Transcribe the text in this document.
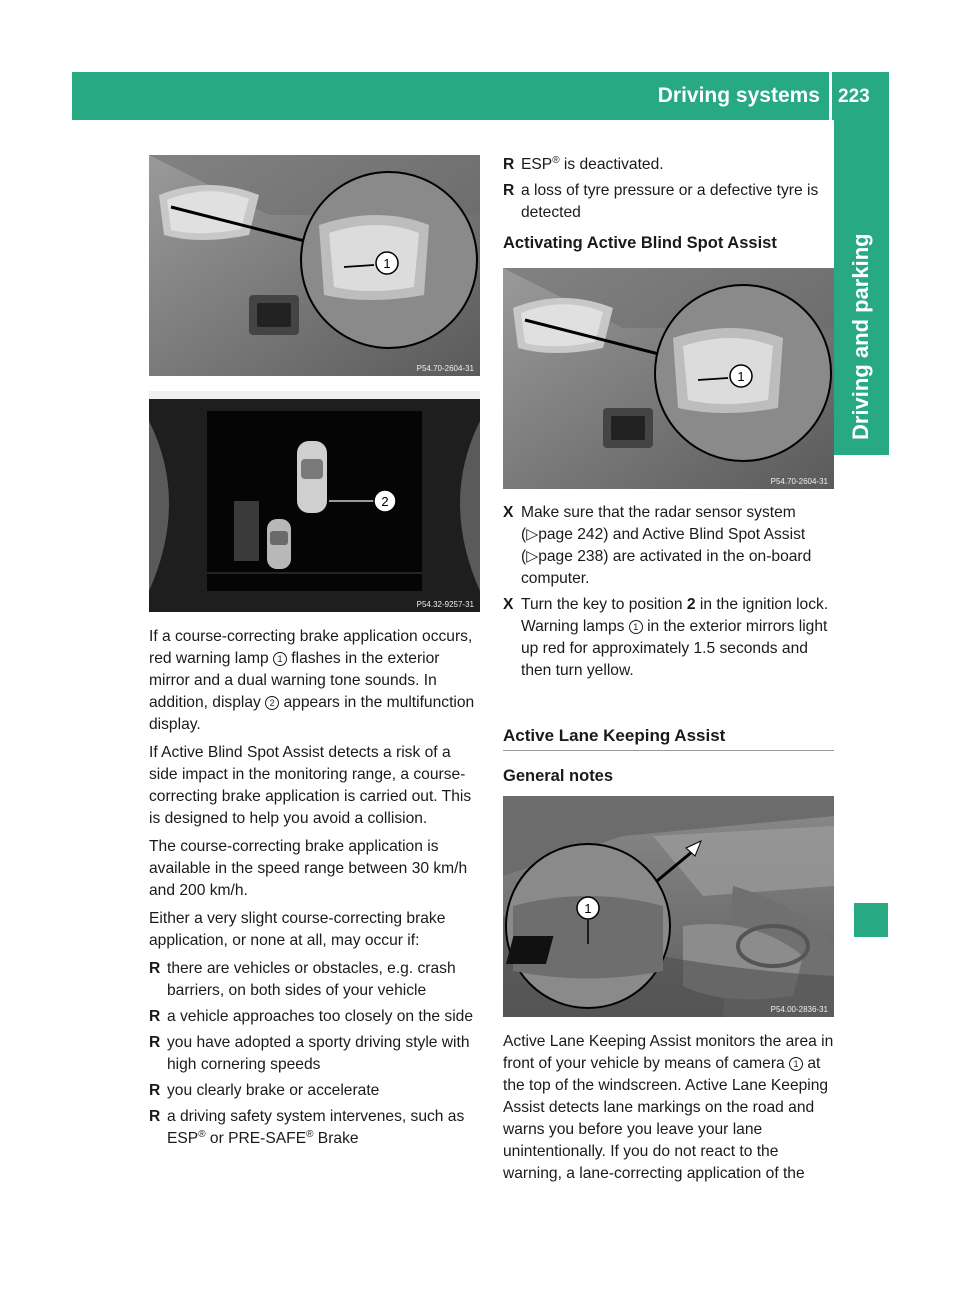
Driving systems 223
Driving and parking
1
P54.70-2604-31
2
P54.32-9257-31

If a course-correcting brake application occurs, red warning lamp 1 flashes in the exterior mirror and a dual warning tone sounds. In addition, display 2 appears in the multifunction display.

If Active Blind Spot Assist detects a risk of a side impact in the monitoring range, a course-correcting brake application is carried out. This is designed to help you avoid a collision.

The course-correcting brake application is available in the speed range between 30 km/h and 200 km/h.

Either a very slight course-correcting brake application, or none at all, may occur if:

R there are vehicles or obstacles, e.g. crash barriers, on both sides of your vehicle
R a vehicle approaches too closely on the side
R you have adopted a sporty driving style with high cornering speeds
R you clearly brake or accelerate
R a driving safety system intervenes, such as ESP® or PRE-SAFE® Brake
R ESP® is deactivated.
R a loss of tyre pressure or a defective tyre is detected

Activating Active Blind Spot Assist

1
P54.70-2604-31
X Make sure that the radar sensor system (▷page 242) and Active Blind Spot Assist (▷page 238) are activated in the on-board computer.
X Turn the key to position 2 in the ignition lock.
Warning lamps 1 in the exterior mirrors light up red for approximately 1.5 seconds and then turn yellow.
Active Lane Keeping Assist
General notes
1
P54.00-2836-31

Active Lane Keeping Assist monitors the area in front of your vehicle by means of camera 1 at the top of the windscreen. Active Lane Keeping Assist detects lane markings on the road and warns you before you leave your lane unintentionally. If you do not react to the warning, a lane-correcting application of the
